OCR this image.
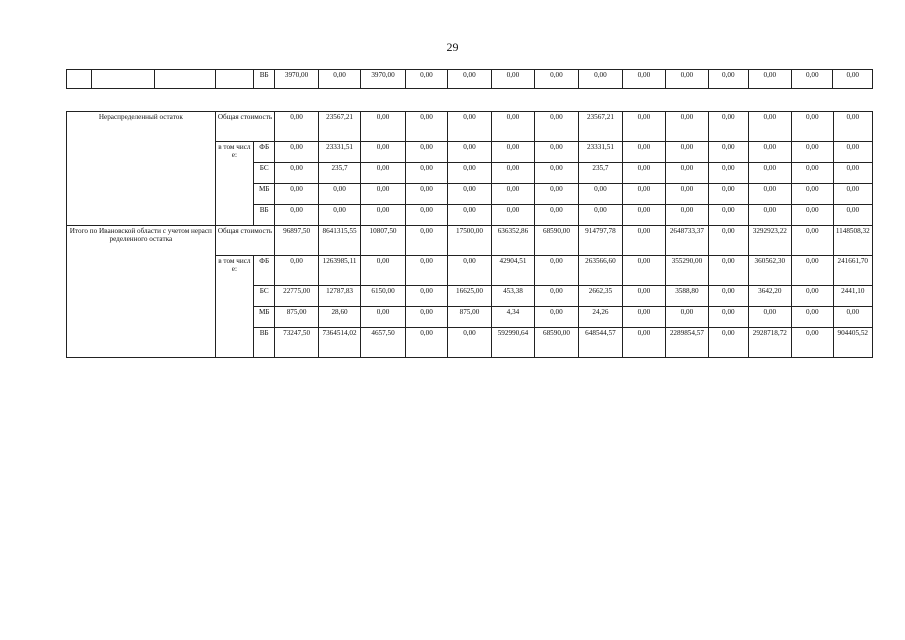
29
				ВБ	3970,00	0,00	3970,00	0,00	0,00	0,00	0,00	0,00	0,00	0,00	0,00	0,00	0,00	0,00
Нераспределенный остаток	Общая стоимость		0,00	23567,21	0,00	0,00	0,00	0,00	0,00	23567,21	0,00	0,00	0,00	0,00	0,00	0,00
	в том числе:	ФБ	0,00	23331,51	0,00	0,00	0,00	0,00	0,00	23331,51	0,00	0,00	0,00	0,00	0,00	0,00
		БС	0,00	235,7	0,00	0,00	0,00	0,00	0,00	235,7	0,00	0,00	0,00	0,00	0,00	0,00
		МБ	0,00	0,00	0,00	0,00	0,00	0,00	0,00	0,00	0,00	0,00	0,00	0,00	0,00	0,00
		ВБ	0,00	0,00	0,00	0,00	0,00	0,00	0,00	0,00	0,00	0,00	0,00	0,00	0,00	0,00
Итого по Ивановской области с учетом нераспределенного остатка	Общая стоимость		96897,50	8641315,55	10807,50	0,00	17500,00	636352,86	68590,00	914797,78	0,00	2648733,37	0,00	3292923,22	0,00	1148508,32
	в том числе:	ФБ	0,00	1263985,11	0,00	0,00	0,00	42904,51	0,00	263566,60	0,00	355290,00	0,00	360562,30	0,00	241661,70
		БС	22775,00	12787,83	6150,00	0,00	16625,00	453,38	0,00	2662,35	0,00	3588,80	0,00	3642,20	0,00	2441,10
		МБ	875,00	28,60	0,00	0,00	875,00	4,34	0,00	24,26	0,00	0,00	0,00	0,00	0,00	0,00
		ВБ	73247,50	7364514,02	4657,50	0,00	0,00	592990,64	68590,00	648544,57	0,00	2289854,57	0,00	2928718,72	0,00	904405,52
